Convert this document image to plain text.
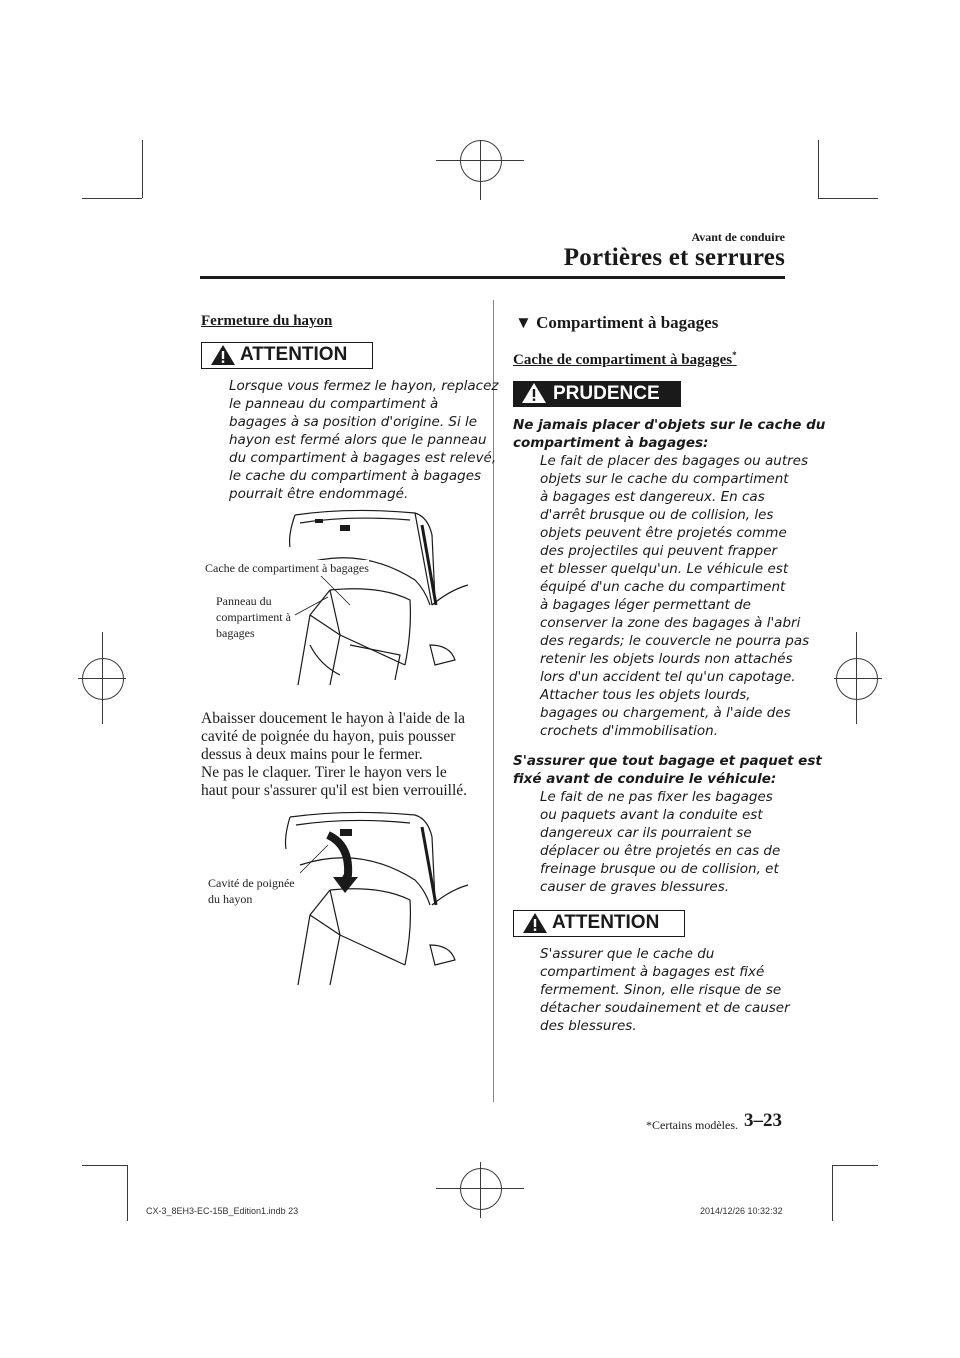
Avant de conduire
Portières et serrures
Fermeture du hayon
ATTENTION
Lorsque vous fermez le hayon, replacez
le panneau du compartiment à
bagages à sa position d'origine. Si le
hayon est fermé alors que le panneau
du compartiment à bagages est relevé,
le cache du compartiment à bagages
pourrait être endommagé.
Cache de compartiment à bagages
Panneau du
compartiment à
bagages
Abaisser doucement le hayon à l'aide de la
cavité de poignée du hayon, puis pousser
dessus à deux mains pour le fermer.
Ne pas le claquer. Tirer le hayon vers le
haut pour s'assurer qu'il est bien verrouillé.
Cavité de poignée
du hayon
▼ Compartiment à bagages
Cache de compartiment à bagages*
PRUDENCE
Ne jamais placer d'objets sur le cache du
compartiment à bagages:
Le fait de placer des bagages ou autres
objets sur le cache du compartiment
à bagages est dangereux. En cas
d'arrêt brusque ou de collision, les
objets peuvent être projetés comme
des projectiles qui peuvent frapper
et blesser quelqu'un. Le véhicule est
équipé d'un cache du compartiment
à bagages léger permettant de
conserver la zone des bagages à l'abri
des regards; le couvercle ne pourra pas
retenir les objets lourds non attachés
lors d'un accident tel qu'un capotage.
Attacher tous les objets lourds,
bagages ou chargement, à l'aide des
crochets d'immobilisation.
S'assurer que tout bagage et paquet est
fixé avant de conduire le véhicule:
Le fait de ne pas fixer les bagages
ou paquets avant la conduite est
dangereux car ils pourraient se
déplacer ou être projetés en cas de
freinage brusque ou de collision, et
causer de graves blessures.
ATTENTION
S'assurer que le cache du
compartiment à bagages est fixé
fermement. Sinon, elle risque de se
détacher soudainement et de causer
des blessures.
*Certains modèles. 3–23
CX-3_8EH3-EC-15B_Edition1.indb 23	2014/12/26 10:32:32
